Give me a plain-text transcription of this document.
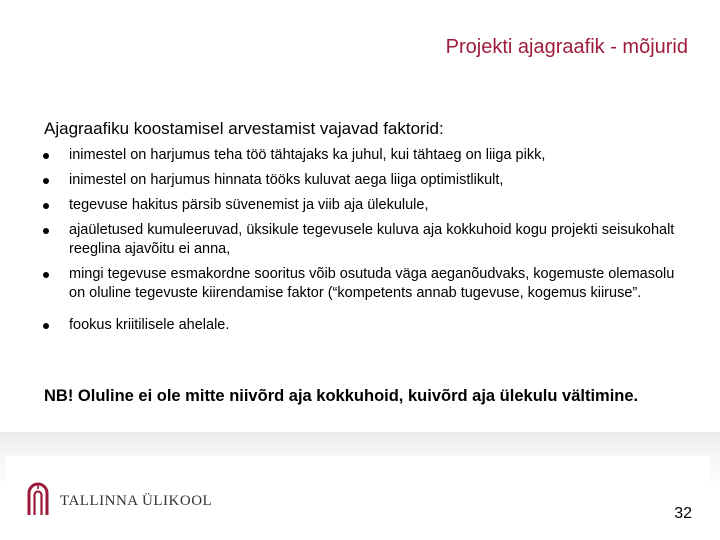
Projekti ajagraafik - mõjurid
Ajagraafiku koostamisel arvestamist vajavad faktorid:
inimestel on harjumus teha töö tähtajaks ka juhul, kui tähtaeg on liiga pikk,
inimestel on harjumus hinnata tööks kuluvat aega liiga optimistlikult,
tegevuse hakitus pärsib süvenemist ja viib aja ülekulule,
ajaületused kumuleeruvad, üksikule tegevusele kuluva aja kokkuhoid kogu projekti seisukohalt reeglina ajavõitu ei anna,
mingi tegevuse esmakordne sooritus võib osutuda väga aeganõudvaks, kogemuste olemasolu on oluline tegevuste kiirendamise faktor (“kompetents annab tugevuse, kogemus kiiruse”.
fookus kriitilisele ahelale.
NB! Oluline ei ole mitte niivõrd aja kokkuhoid, kuivõrd aja ülekulu vältimine.
TALLINNA ÜLIKOOL
32
